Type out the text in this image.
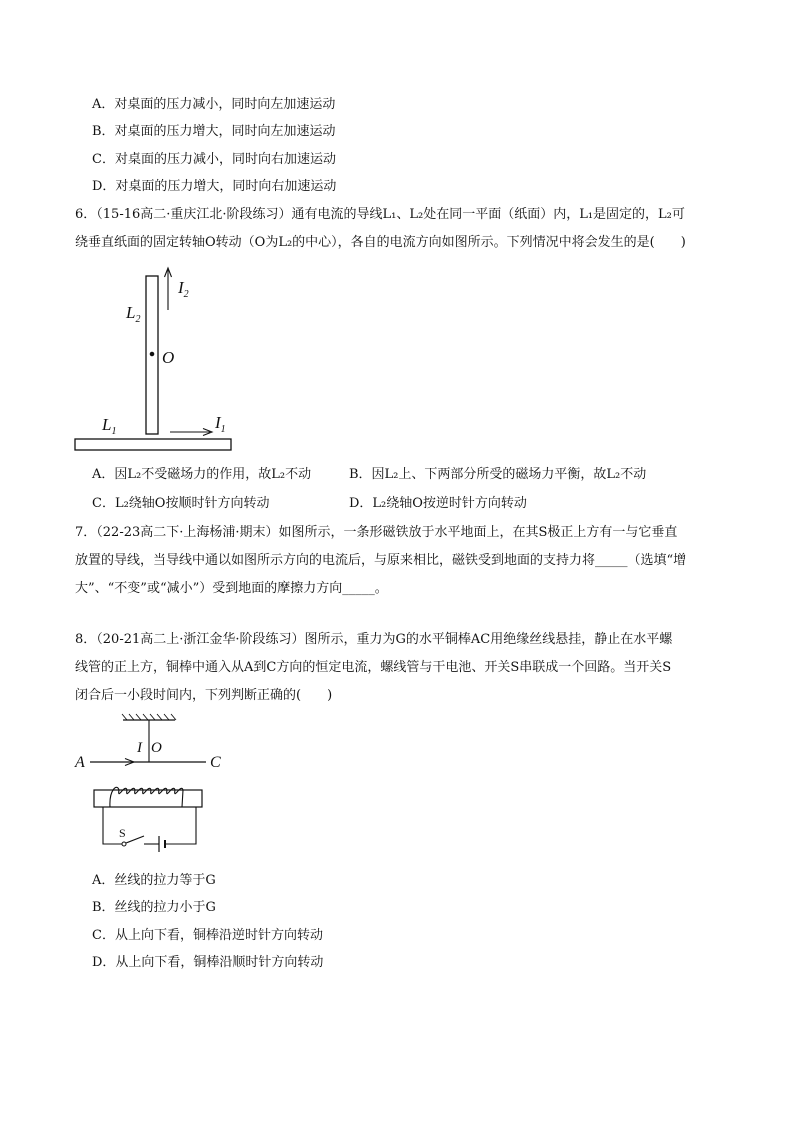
A．对桌面的压力减小，同时向左加速运动
B．对桌面的压力增大，同时向左加速运动
C．对桌面的压力减小，同时向右加速运动
D．对桌面的压力增大，同时向右加速运动
6．（15-16高二·重庆江北·阶段练习）通有电流的导线L₁、L₂处在同一平面（纸面）内，L₁是固定的，L₂可
绕垂直纸面的固定转轴O转动（O为L₂的中心），各自的电流方向如图所示。下列情况中将会发生的是(　　)
$L_2$
$I_2$
O
$L_1$	$I_1$
A．因L₂不受磁场力的作用，故L₂不动	B．因L₂上、下两部分所受的磁场力平衡，故L₂不动
C．L₂绕轴O按顺时针方向转动	D．L₂绕轴O按逆时针方向转动
7．（22-23高二下·上海杨浦·期末）如图所示，一条形磁铁放于水平地面上，在其S极正上方有一与它垂直
放置的导线，当导线中通以如图所示方向的电流后，与原来相比，磁铁受到地面的支持力将_____（选填“增
大”、“不变”或“减小”）受到地面的摩擦力方向_____。
8．（20-21高二上·浙江金华·阶段练习）图所示，重力为G的水平铜棒AC用绝缘丝线悬挂，静止在水平螺
线管的正上方，铜棒中通入从A到C方向的恒定电流，螺线管与干电池、开关S串联成一个回路。当开关S
闭合后一小段时间内，下列判断正确的(　　)
A
I O
C
S
A．丝线的拉力等于G
B．丝线的拉力小于G
C．从上向下看，铜棒沿逆时针方向转动
D．从上向下看，铜棒沿顺时针方向转动
